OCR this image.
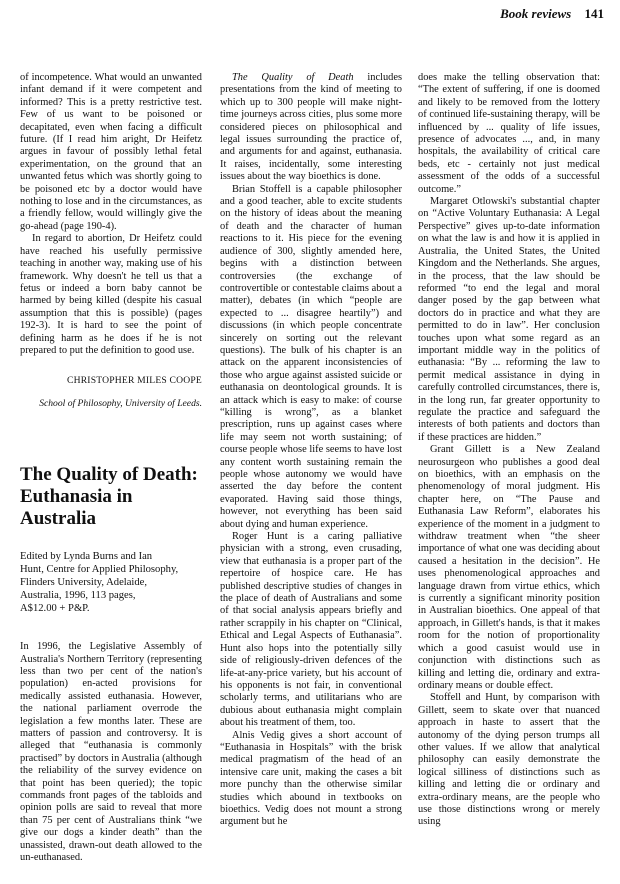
Book reviews 141

of incompetence. What would an unwanted infant demand if it were competent and informed? This is a pretty restrictive test. Few of us want to be poisoned or decapitated, even when facing a difficult future. (If I read him aright, Dr Heifetz argues in favour of possibly lethal fetal experimentation, on the ground that an unwanted fetus which was shortly going to be poisoned etc by a doctor would have nothing to lose and in the circumstances, as a friendly fellow, would willingly give the go-ahead (page 190-4).

In regard to abortion, Dr Heifetz could have reached his usefully permissive teaching in another way, making use of his framework. Why doesn't he tell us that a fetus or indeed a born baby cannot be harmed by being killed (despite his casual assumption that this is possible) (pages 192-3). It is hard to see the point of defining harm as he does if he is not prepared to put the definition to good use.

CHRISTOPHER MILES COOPE
School of Philosophy, University of Leeds.
The Quality of Death:
Euthanasia in
Australia
Edited by Lynda Burns and Ian
Hunt, Centre for Applied Philosophy,
Flinders University, Adelaide,
Australia, 1996, 113 pages,
A$12.00 + P&P.

In 1996, the Legislative Assembly of Australia's Northern Territory (representing less than two per cent of the nation's population) en-acted provisions for medically assisted euthanasia. However, the national parliament overrode the legislation a few months later. These are matters of passion and controversy. It is alleged that “euthanasia is commonly practised” by doctors in Australia (although the reliability of the survey evidence on that point has been queried); the topic commands front pages of the tabloids and opinion polls are said to reveal that more than 75 per cent of Australians think “we give our dogs a kinder death” than the unassisted, drawn-out death allowed to the un-euthanased.

The Quality of Death includes presentations from the kind of meeting to which up to 300 people will make night-time journeys across cities, plus some more considered pieces on philosophical and legal issues surrounding the practice of, and arguments for and against, euthanasia. It raises, incidentally, some interesting issues about the way bioethics is done.

Brian Stoffell is a capable philosopher and a good teacher, able to excite students on the history of ideas about the meaning of death and the character of human reactions to it. His piece for the evening audience of 300, slightly amended here, begins with a distinction between controversies (the exchange of controvertible or contestable claims about a matter), debates (in which “people are expected to ... disagree heartily”) and discussions (in which people concentrate sincerely on sorting out the relevant questions). The bulk of his chapter is an attack on the apparent inconsistencies of those who argue against assisted suicide or euthanasia on deontological grounds. It is an attack which is easy to make: of course “killing is wrong”, as a blanket prescription, runs up against cases where life may seem not worth sustaining; of course people whose life seems to have lost any content worth sustaining remain the people whose autonomy we would have asserted the day before the content evaporated. Having said those things, however, not everything has been said about dying and human experience.

Roger Hunt is a caring palliative physician with a strong, even crusading, view that euthanasia is a proper part of the repertoire of hospice care. He has published descriptive studies of changes in the place of death of Australians and some of that social analysis appears briefly and rather scrappily in his chapter on “Clinical, Ethical and Legal Aspects of Euthanasia”. Hunt also hops into the potentially silly side of religiously-driven defences of the life-at-any-price variety, but his account of his opponents is not fair, in conventional scholarly terms, and utilitarians who are dubious about euthanasia might complain about his treatment of them, too.

Alnis Vedig gives a short account of “Euthanasia in Hospitals” with the brisk medical pragmatism of the head of an intensive care unit, making the cases a bit more punchy than the otherwise similar studies which abound in textbooks on bioethics. Vedig does not mount a strong argument but he

does make the telling observation that: “The extent of suffering, if one is doomed and likely to be removed from the lottery of continued life-sustaining therapy, will be influenced by ... quality of life issues, presence of advocates ..., and, in many hospitals, the availability of critical care beds, etc - certainly not just medical assessment of the odds of a successful outcome.”

Margaret Otlowski's substantial chapter on “Active Voluntary Euthanasia: A Legal Perspective” gives up-to-date information on what the law is and how it is applied in Australia, the United States, the United Kingdom and the Netherlands. She argues, in the process, that the law should be reformed “to end the legal and moral danger posed by the gap between what doctors do in practice and what they are permitted to do in law”. Her conclusion touches upon what some regard as an important middle way in the politics of euthanasia: “By ... reforming the law to permit medical assistance in dying in carefully controlled circumstances, there is, in the long run, far greater opportunity to regulate the practice and safeguard the interests of both patients and doctors than if these practices are hidden.”

Grant Gillett is a New Zealand neurosurgeon who publishes a good deal on bioethics, with an emphasis on the phenomenology of moral judgment. His chapter here, on “The Pause and Euthanasia Law Reform”, elaborates his experience of the moment in a judgment to withdraw treatment when “the sheer importance of what one was deciding about caused a hesitation in the decision”. He uses phenomenological approaches and language drawn from virtue ethics, which is currently a significant minority position in Australian bioethics. One appeal of that approach, in Gillett's hands, is that it makes room for the notion of proportionality which a good casuist would use in conjunction with distinctions such as killing and letting die, ordinary and extra-ordinary means or double effect.

Stoffell and Hunt, by comparison with Gillett, seem to skate over that nuanced approach in haste to assert that the autonomy of the dying person trumps all other values. If we allow that analytical philosophy can easily demonstrate the logical silliness of distinctions such as killing and letting die or ordinary and extra-ordinary means, are the people who use those distinctions wrong or merely using
